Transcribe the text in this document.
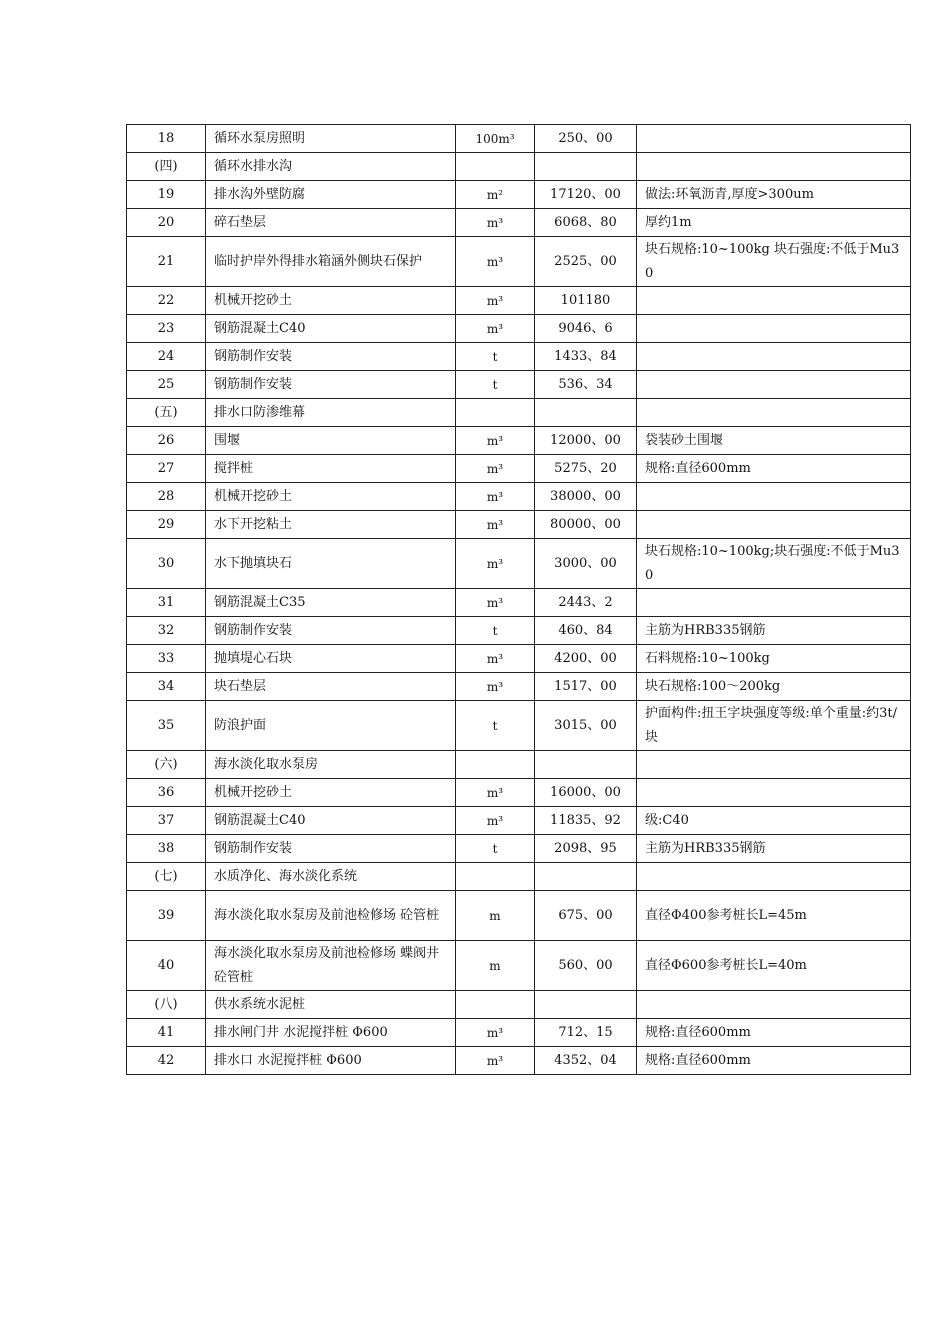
18	循环水泵房照明	100m³	250、00	
(四)	循环水排水沟			
19	排水沟外壁防腐	m²	17120、00	做法:环氧沥青,厚度>300um
20	碎石垫层	m³	6068、80	厚约1m
21	临时护岸外得排水箱涵外侧块石保护	m³	2525、00	块石规格:10~100kg 块石强度:不低于Mu30
22	机械开挖砂土	m³	101180	
23	钢筋混凝土C40	m³	9046、6	
24	钢筋制作安装	t	1433、84	
25	钢筋制作安装	t	536、34	
(五)	排水口防渗维幕			
26	围堰	m³	12000、00	袋装砂土围堰
27	搅拌桩	m³	5275、20	规格:直径600mm
28	机械开挖砂土	m³	38000、00	
29	水下开挖粘土	m³	80000、00	
30	水下抛填块石	m³	3000、00	块石规格:10~100kg;块石强度:不低于Mu30
31	钢筋混凝土C35	m³	2443、2	
32	钢筋制作安装	t	460、84	主筋为HRB335钢筋
33	抛填堤心石块	m³	4200、00	石料规格:10~100kg
34	块石垫层	m³	1517、00	块石规格:100～200kg
35	防浪护面	t	3015、00	护面构件:扭王字块强度等级:单个重量:约3t/块
(六)	海水淡化取水泵房			
36	机械开挖砂土	m³	16000、00	
37	钢筋混凝土C40	m³	11835、92	级:C40
38	钢筋制作安装	t	2098、95	主筋为HRB335钢筋
(七)	水质净化、海水淡化系统			
39	海水淡化取水泵房及前池检修场 砼管桩	m	675、00	直径Φ400参考桩长L=45m
40	海水淡化取水泵房及前池检修场 蝶阀井 砼管桩	m	560、00	直径Φ600参考桩长L=40m
(八)	供水系统水泥桩			
41	排水闸门井 水泥搅拌桩 Φ600	m³	712、15	规格:直径600mm
42	排水口 水泥搅拌桩 Φ600	m³	4352、04	规格:直径600mm
